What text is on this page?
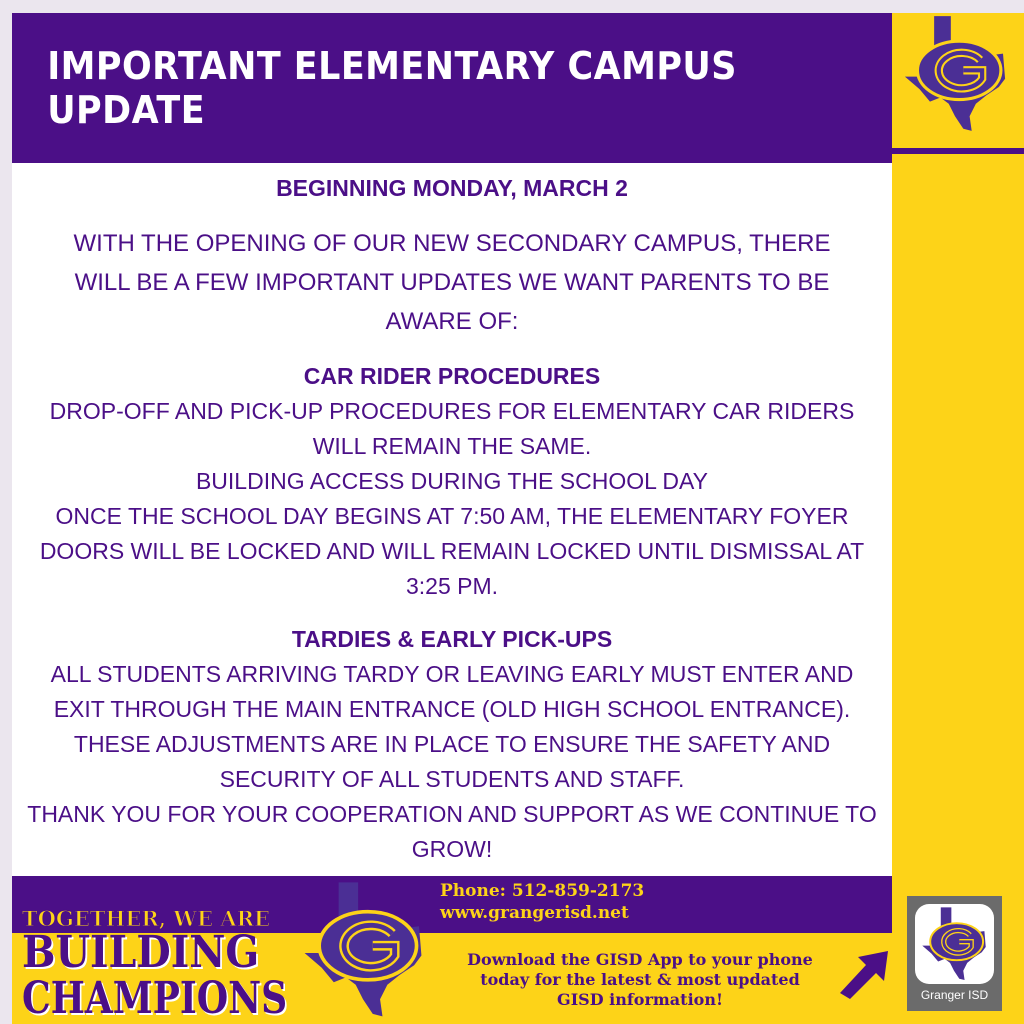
IMPORTANT ELEMENTARY CAMPUS UPDATE

BEGINNING MONDAY, MARCH 2

WITH THE OPENING OF OUR NEW SECONDARY CAMPUS, THERE

WILL BE A FEW IMPORTANT UPDATES WE WANT PARENTS TO BE

AWARE OF:

CAR RIDER PROCEDURES

DROP-OFF AND PICK-UP PROCEDURES FOR ELEMENTARY CAR RIDERS

WILL REMAIN THE SAME.

BUILDING ACCESS DURING THE SCHOOL DAY

ONCE THE SCHOOL DAY BEGINS AT 7:50 AM, THE ELEMENTARY FOYER

DOORS WILL BE LOCKED AND WILL REMAIN LOCKED UNTIL DISMISSAL AT

3:25 PM.

TARDIES & EARLY PICK-UPS

ALL STUDENTS ARRIVING TARDY OR LEAVING EARLY MUST ENTER AND

EXIT THROUGH THE MAIN ENTRANCE (OLD HIGH SCHOOL ENTRANCE).

THESE ADJUSTMENTS ARE IN PLACE TO ENSURE THE SAFETY AND

SECURITY OF ALL STUDENTS AND STAFF.

THANK YOU FOR YOUR COOPERATION AND SUPPORT AS WE CONTINUE TO

GROW!

TOGETHER, WE ARE
BUILDING
CHAMPIONS
Phone: 512-859-2173
www.grangerisd.net
Download the GISD App to your phone
today for the latest & most updated
GISD information!	Granger ISD
